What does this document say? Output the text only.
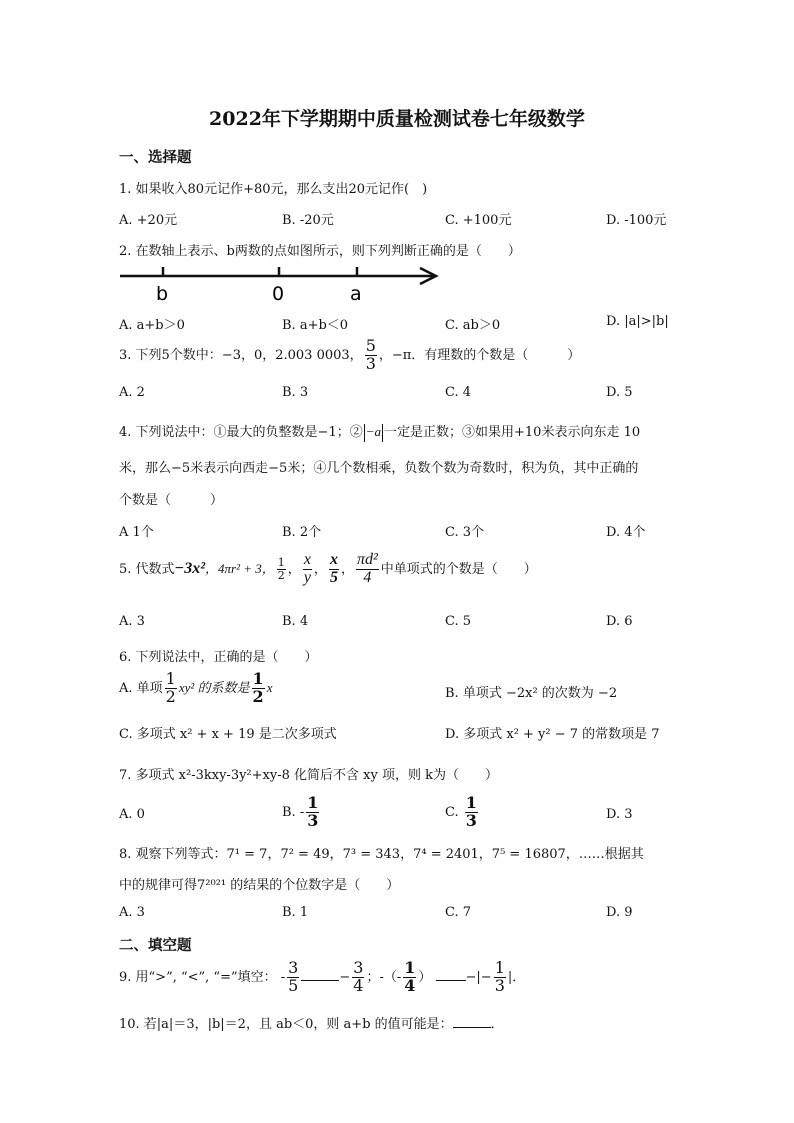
2022年下学期期中质量检测试卷七年级数学
一、选择题
1. 如果收入80元记作+80元，那么支出20元记作(　)
A. +20元	B. -20元	C. +100元	D. -100元
2. 在数轴上表示、b两数的点如图所示，则下列判断正确的是（　　）
b	0	a
A. a+b＞0	B. a+b＜0	C. ab＞0	D. |a|>|b|
3. 下列5个数中：−3，0，2.003 0003， $\frac{5}{3}$ ，−π．有理数的个数是（　　　）
A. 2	B. 3	C. 4	D. 5
4. 下列说法中：①最大的负整数是−1；② −a 一定是正数；③如果用+10米表示向东走 10
米，那么−5米表示向西走−5米；④几个数相乘，负数个数为奇数时，积为负，其中正确的
个数是（　　　）
A 1个	B. 2个	C. 3个	D. 4个
5. 代数式−3x²，4πr² + 3， $\frac{1}{2}$ ， $\frac{x}{y}$ ， $\frac{x}{5}$ ， $\frac{\text{πd²}}{4}$ 中单项式的个数是（　　）
A. 3	B. 4	C. 5	D. 6
6. 下列说法中，正确的是（　　）
A. 单项 $\frac{1}{2} xy^2$ 的系数是 $\frac{1}{2}$ x	B. 单项式 −2x² 的次数为 −2
C. 多项式 x² + x + 19 是二次多项式	D. 多项式 x² + y² − 7 的常数项是 7
7. 多项式 x²-3kxy-3y²+xy-8 化简后不含 xy 项，则 k为（　　）
A. 0	B. - $\frac{1}{3}$	C. $\frac{1}{3}$	D. 3
8. 观察下列等式：7¹ = 7，7² = 49，7³ = 343，7⁴ = 2401，7⁵ = 16807，……根据其
中的规律可得7²⁰²¹ 的结果的个位数字是（　　）
A. 3	B. 1	C. 7	D. 9
二、填空题
9. 用“>”, “<”, “=”填空： - $\frac{3}{5}$	− $\frac{3}{4}$ ；-（- $\frac{1}{4}$ ）	−|− $\frac{1}{3}$ |．
10. 若|a|＝3，|b|＝2，且 ab＜0，则 a+b 的值可能是：	．
